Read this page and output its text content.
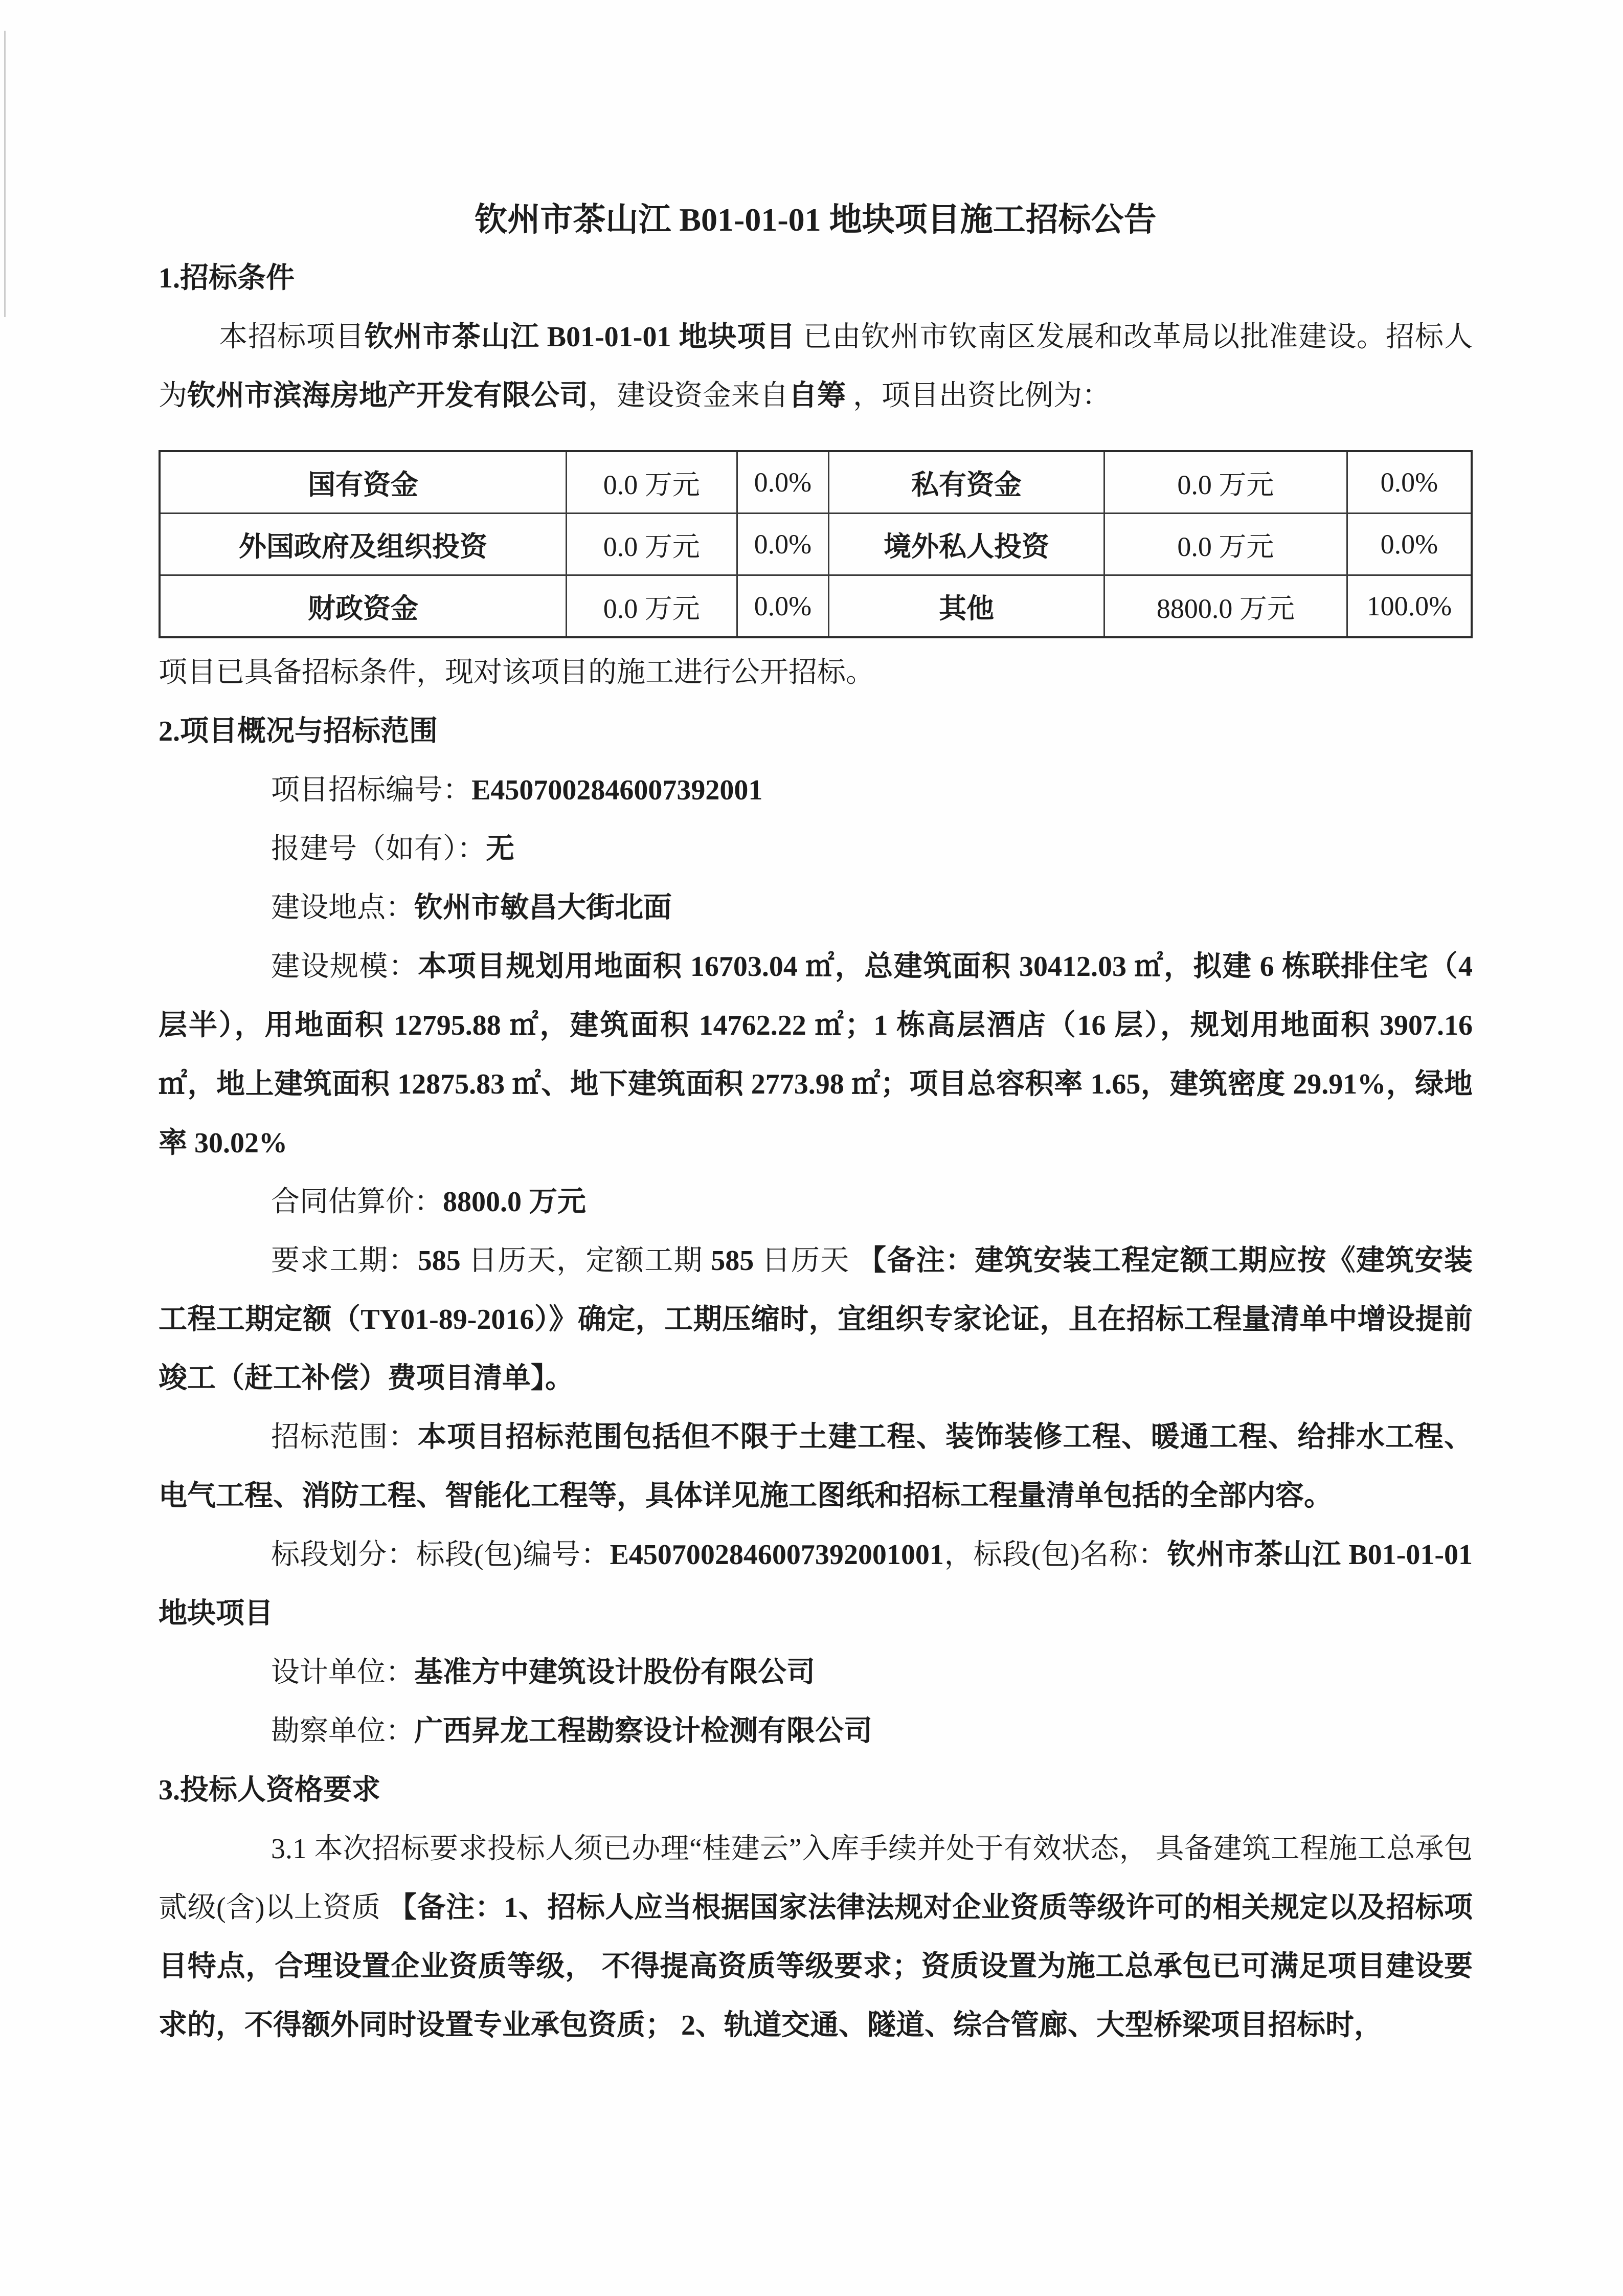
钦州市茶山江 B01-01-01 地块项目施工招标公告

1.招标条件

本招标项目钦州市茶山江 B01-01-01 地块项目 已由钦州市钦南区发展和改革局以批准建设。招标人为钦州市滨海房地产开发有限公司，建设资金来自自筹 ，项目出资比例为：

国有资金	0.0 万元	0.0%	私有资金	0.0 万元	0.0%
外国政府及组织投资	0.0 万元	0.0%	境外私人投资	0.0 万元	0.0%
财政资金	0.0 万元	0.0%	其他	8800.0 万元	100.0%

项目已具备招标条件，现对该项目的施工进行公开招标。

2.项目概况与招标范围

项目招标编号：E4507002846007392001

报建号（如有）：无

建设地点：钦州市敏昌大街北面

建设规模：本项目规划用地面积 16703.04 ㎡，总建筑面积 30412.03 ㎡，拟建 6 栋联排住宅（4 层半），用地面积 12795.88 ㎡，建筑面积 14762.22 ㎡；1 栋高层酒店（16 层），规划用地面积 3907.16 ㎡，地上建筑面积 12875.83 ㎡、地下建筑面积 2773.98 ㎡；项目总容积率 1.65，建筑密度 29.91%，绿地率 30.02%

合同估算价：8800.0 万元

要求工期：585 日历天，定额工期 585 日历天 【备注：建筑安装工程定额工期应按《建筑安装工程工期定额（TY01-89-2016）》确定，工期压缩时，宜组织专家论证，且在招标工程量清单中增设提前竣工（赶工补偿）费项目清单】。

招标范围：本项目招标范围包括但不限于土建工程、装饰装修工程、暖通工程、给排水工程、电气工程、消防工程、智能化工程等，具体详见施工图纸和招标工程量清单包括的全部内容。

标段划分：标段(包)编号：E4507002846007392001001，标段(包)名称：钦州市茶山江 B01-01-01 地块项目

设计单位：基准方中建筑设计股份有限公司

勘察单位：广西昇龙工程勘察设计检测有限公司

3.投标人资格要求

3.1 本次招标要求投标人须已办理“桂建云”入库手续并处于有效状态， 具备建筑工程施工总承包贰级(含)以上资质 【备注：1、招标人应当根据国家法律法规对企业资质等级许可的相关规定以及招标项目特点，合理设置企业资质等级， 不得提高资质等级要求；资质设置为施工总承包已可满足项目建设要求的，不得额外同时设置专业承包资质； 2、轨道交通、隧道、综合管廊、大型桥梁项目招标时，
